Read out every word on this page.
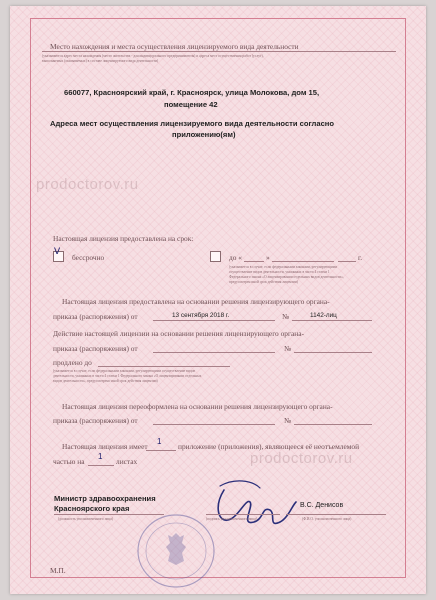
Место нахождения и места осуществления лицензируемого вида деятельности
(указываются адрес места нахождения (место жительства - для индивидуального предпринимателя) и адреса мест осуществления работ (услуг),
выполняемых (оказываемых) в составе лицензируемого вида деятельности)
660077, Красноярский край, г. Красноярск, улица Молокова, дом 15,
помещение 42
Адреса мест осуществления лицензируемого вида деятельности согласно
приложению(ям)
prodoctorov.ru
Настоящая лицензия предоставлена на срок:
V
бессрочно	до «	»	г.
(указывается в случае, если федеральными законами, регулирующими
осуществление видов деятельности, указанных в части 4 статьи 1
Федерального закона «О лицензировании отдельных видов деятельности»,
предусмотрен иной срок действия лицензии)
Настоящая лицензия предоставлена на основании решения лицензирующего органа-
приказа (распоряжения) от	13 сентября 2018 г.	№	1142-лиц
Действие настоящей лицензии на основании решения лицензирующего органа-
приказа (распоряжения) от	№
продлено до
(указывается в случае, если федеральными законами, регулирующими осуществление видов
деятельности, указанных в части 4 статьи 1 Федерального закона «О лицензировании отдельных
видов деятельности», предусмотрено иной срок действия лицензии)
Настоящая лицензия переоформлена на основании решения лицензирующего органа-
приказа (распоряжения) от	№
prodoctorov.ru
Настоящая лицензия имеет
1
приложение (приложения), являющееся её неотъемлемой
частью на
1
листах
Министр здравоохранения
Красноярского края
(должность уполномоченного лица)	(подпись уполномоченного лица)
В.С. Денисов
(Ф.И.О. уполномоченного лица)
М.П.
